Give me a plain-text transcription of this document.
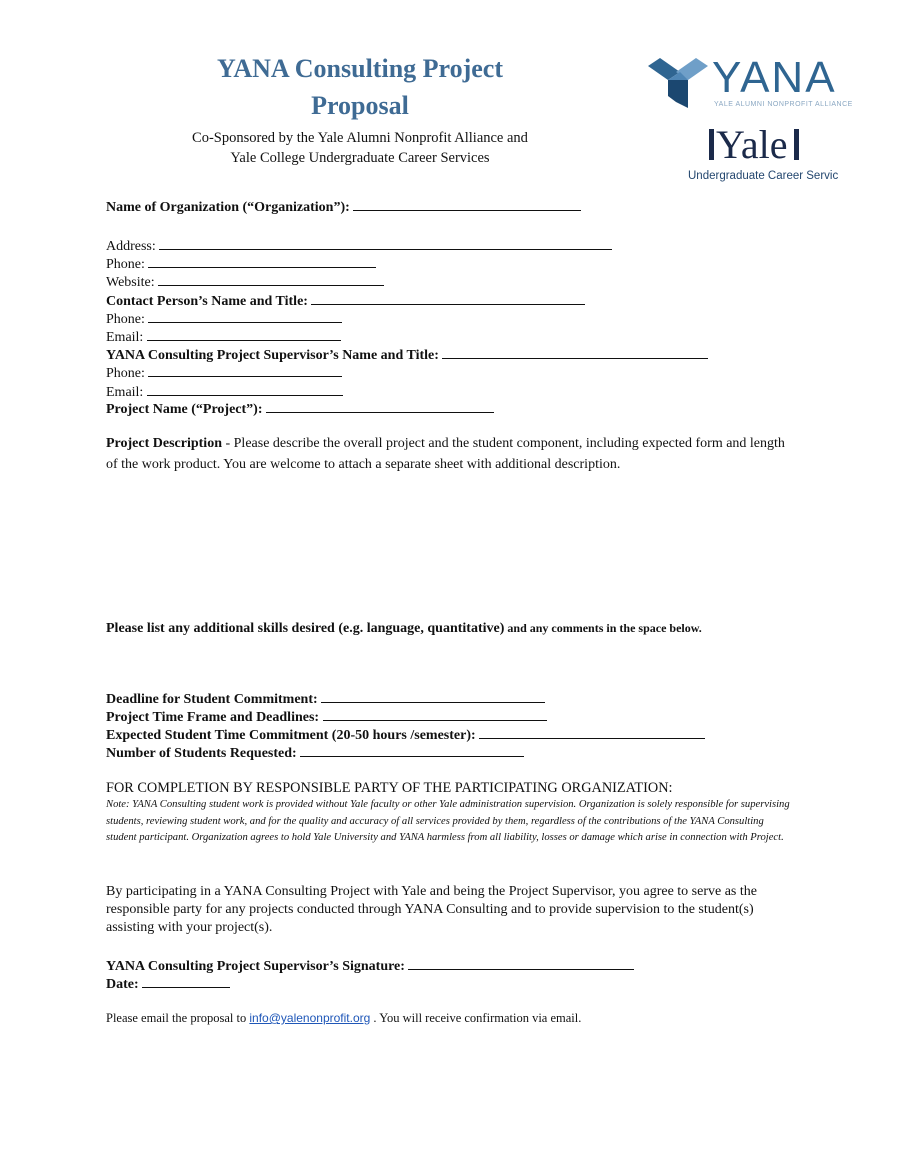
YANA Consulting Project
Proposal
Co-Sponsored by the Yale Alumni Nonprofit Alliance and
Yale College Undergraduate Career Services
YANA
YALE ALUMNI NONPROFIT ALLIANCE
Yale
Undergraduate Career Servic
Name of Organization (“Organization”):
Address:
Phone:
Website:
Contact Person’s Name and Title:
Phone:
Email:
YANA Consulting Project Supervisor’s Name and Title:
Phone:
Email:
Project Name (“Project”):
Project Description - Please describe the overall project and the student component, including expected form and length of the work product. You are welcome to attach a separate sheet with additional description.
Please list any additional skills desired (e.g. language, quantitative) and any comments in the space below.
Deadline for Student Commitment:
Project Time Frame and Deadlines:
Expected Student Time Commitment (20-50 hours /semester):
Number of Students Requested:
FOR COMPLETION BY RESPONSIBLE PARTY OF THE PARTICIPATING ORGANIZATION:
Note: YANA Consulting student work is provided without Yale faculty or other Yale administration supervision. Organization is solely responsible for supervising students, reviewing student work, and for the quality and accuracy of all services provided by them, regardless of the contributions of the YANA Consulting student participant. Organization agrees to hold Yale University and YANA harmless from all liability, losses or damage which arise in connection with Project.
By participating in a YANA Consulting Project with Yale and being the Project Supervisor, you agree to serve as the responsible party for any projects conducted through YANA Consulting and to provide supervision to the student(s) assisting with your project(s).
YANA Consulting Project Supervisor’s Signature:
Date:
Please email the proposal to info@yalenonprofit.org . You will receive confirmation via email.
